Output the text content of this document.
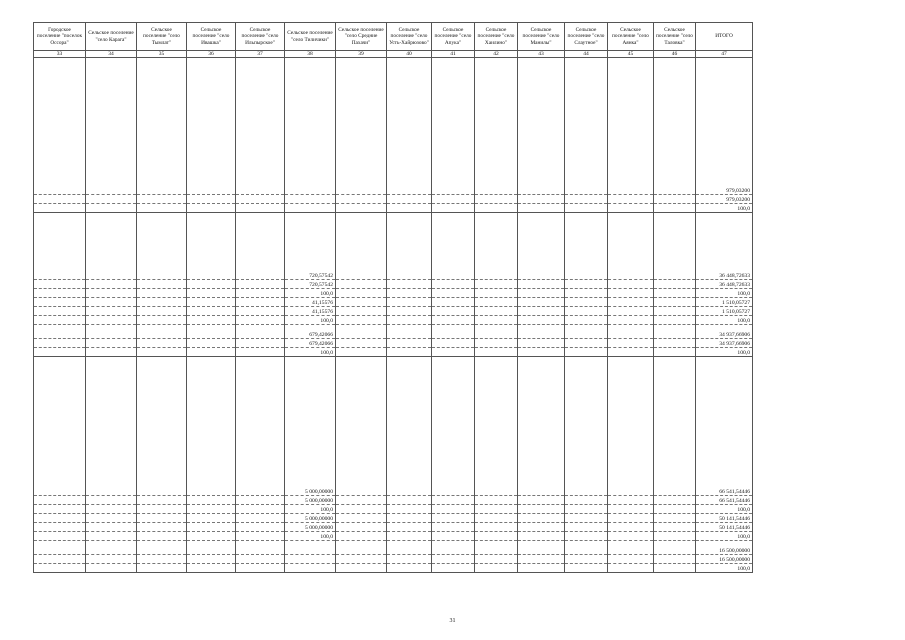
Городское поселение "поселок Оссора"	Сельское поселение "село Карага"	Сельское поселение "село Тымлат"	Сельское поселение "село Ивашка"	Сельское поселение "село Ильпырское"	Сельское поселение "село Тиличики"	Сельское поселение "село Средние Пахачи"	Сельское поселение "село Усть-Хайрюзово"	Сельское поселение "село Апука"	Сельское поселение "село Хаилино"	Сельское поселение "село Манилы"	Сельское поселение "село Слаутное"	Сельское поселение "село Аянка"	Сельское поселение "село Таловка"	ИТОГО
33	34	35	36	37	38	39	40	41	42	43	44	45	46	47

														979,03200
														979,03200
														100,0

					720,57542									36 448,72633
					720,57542									36 448,72633
					100,0									100,0
					41,15576									1 510,05727
					41,15576									1 510,05727
					100,0									100,0

					679,42066									34 937,66906
					679,42066									34 937,66906
					100,0									100,0

					5 000,00000									66 541,54446
					5 000,00000									66 541,54446
					100,0									100,0
					5 000,00000									50 141,54446
					5 000,00000									50 141,54446
					100,0									100,0

														16 500,00000
														16 500,00000
														100,0
31
